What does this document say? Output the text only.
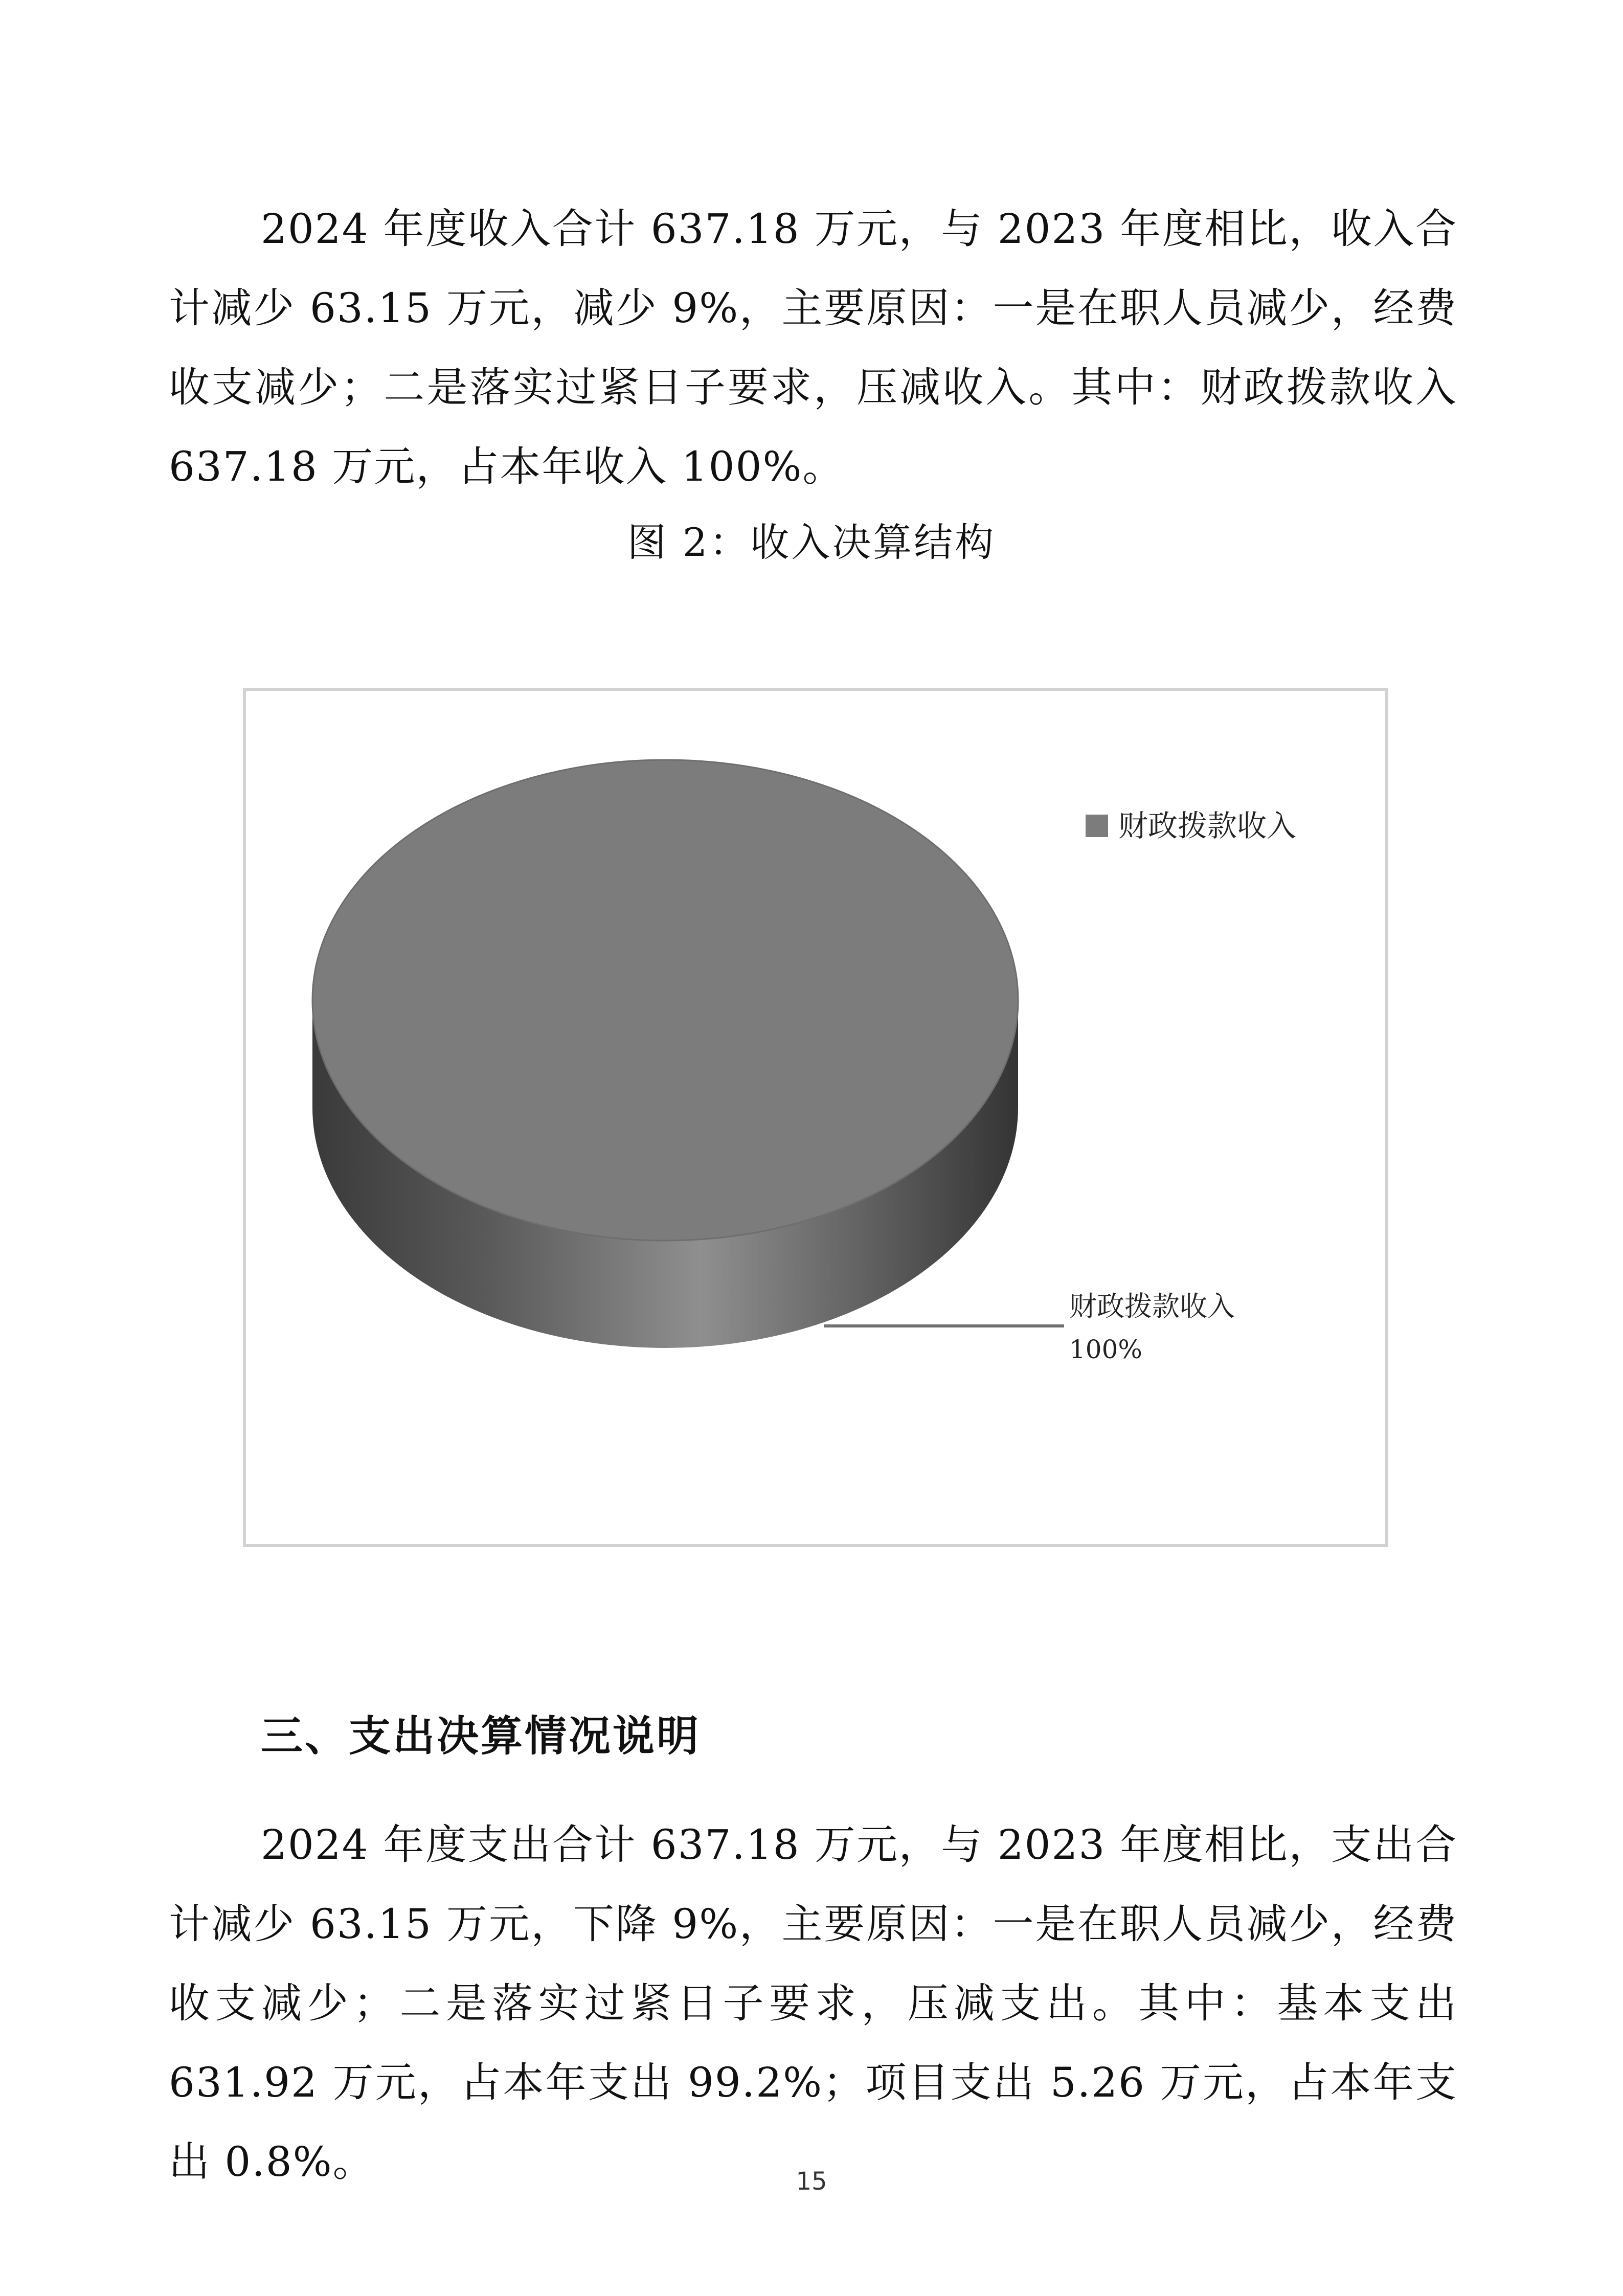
2024 年度收入合计 637.18 万元，与 2023 年度相比，收入合计减少 63.15 万元，减少 9%，主要原因：一是在职人员减少，经费收支减少；二是落实过紧日子要求，压减收入。其中：财政拨款收入 637.18 万元，占本年收入 100%。

图 2：收入决算结构
财政拨款收入
财政拨款收入
100%
三、支出决算情况说明

2024 年度支出合计 637.18 万元，与 2023 年度相比，支出合计减少 63.15 万元，下降 9%，主要原因：一是在职人员减少，经费收支减少；二是落实过紧日子要求，压减支出。其中：基本支出 631.92 万元，占本年支出 99.2%；项目支出 5.26 万元，占本年支出 0.8%。	15
